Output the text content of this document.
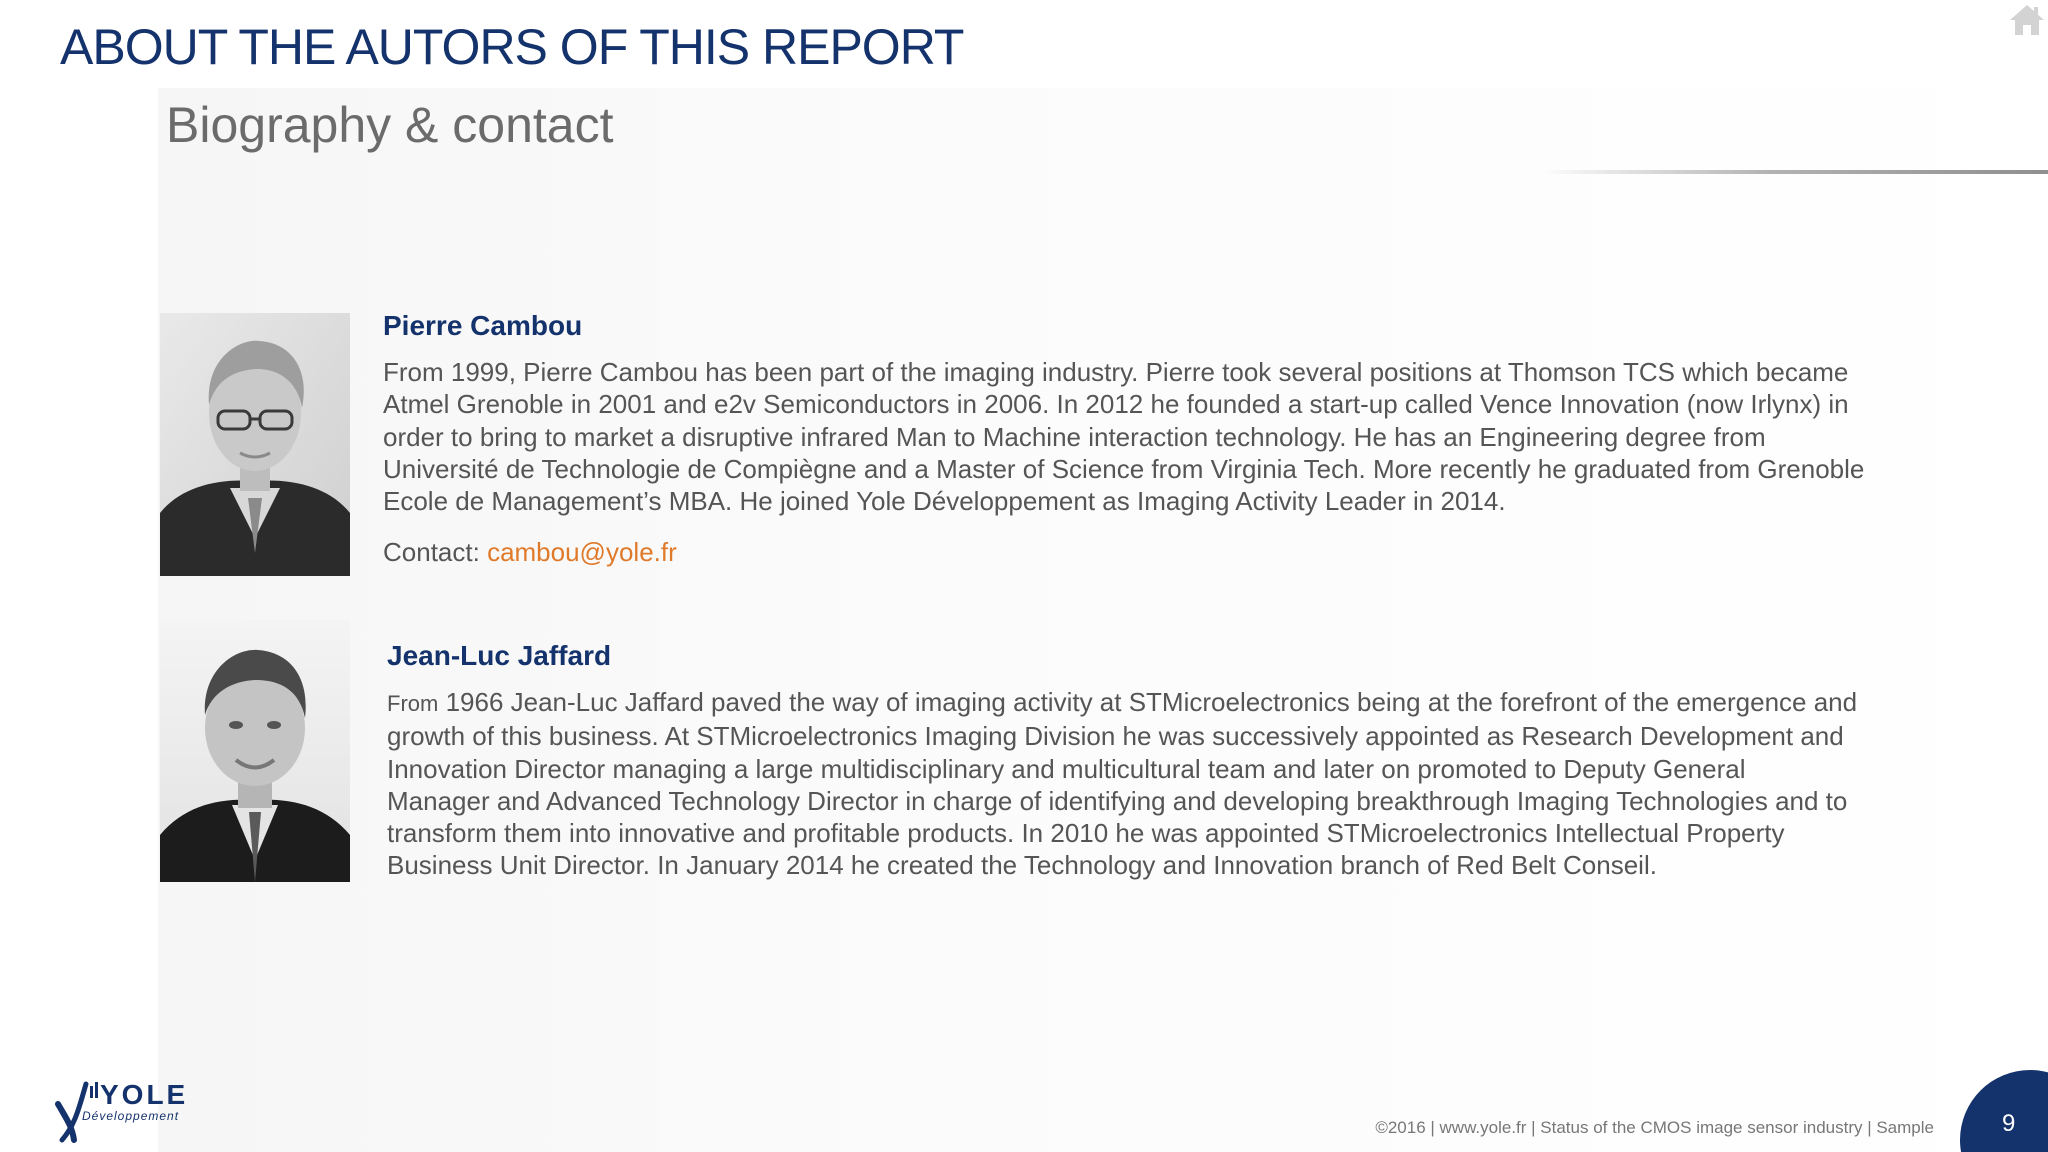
ABOUT THE AUTORS OF THIS REPORT
Biography & contact
Pierre Cambou

From 1999, Pierre Cambou has been part of the imaging industry. Pierre took several positions at Thomson TCS which became
Atmel Grenoble in 2001 and e2v Semiconductors in 2006. In 2012 he founded a start-up called Vence Innovation (now Irlynx) in
order to bring to market a disruptive infrared Man to Machine interaction technology. He has an Engineering degree from
Université de Technologie de Compiègne and a Master of Science from Virginia Tech. More recently he graduated from Grenoble
Ecole de Management’s MBA. He joined Yole Développement as Imaging Activity Leader in 2014.

Contact: cambou@yole.fr

Jean-Luc Jaffard

From 1966 Jean-Luc Jaffard paved the way of imaging activity at STMicroelectronics being at the forefront of the emergence and
growth of this business. At STMicroelectronics Imaging Division he was successively appointed as Research Development and
Innovation Director managing a large multidisciplinary and multicultural team and later on promoted to Deputy General
Manager and Advanced Technology Director in charge of identifying and developing breakthrough Imaging Technologies and to
transform them into innovative and profitable products. In 2010 he was appointed STMicroelectronics Intellectual Property
Business Unit Director. In January 2014 he created the Technology and Innovation branch of Red Belt Conseil.

YOLE
Développement
©2016 | www.yole.fr | Status of the CMOS image sensor industry | Sample	9
